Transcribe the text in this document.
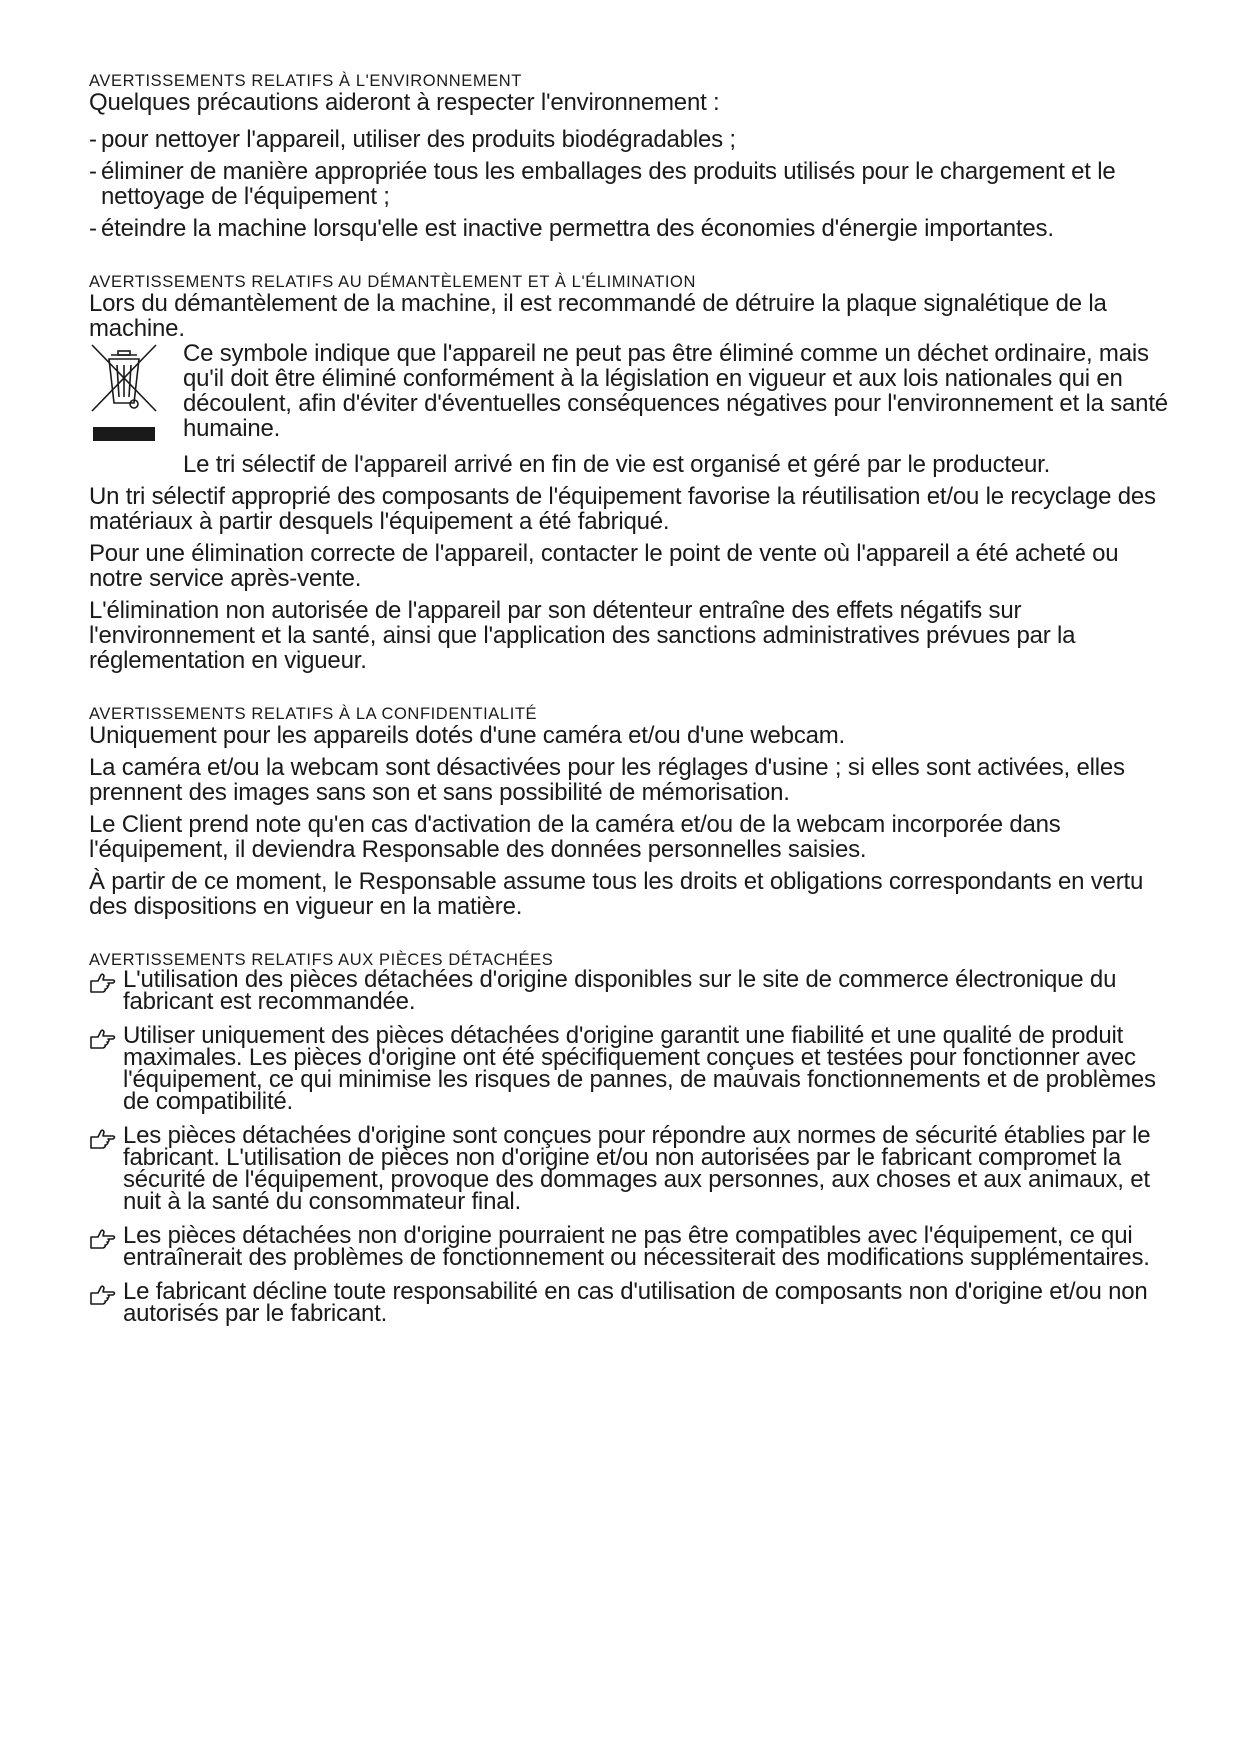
AVERTISSEMENTS RELATIFS À L'ENVIRONNEMENT

Quelques précautions aideront à respecter l'environnement :

- pour nettoyer l'appareil, utiliser des produits biodégradables ;
- éliminer de manière appropriée tous les emballages des produits utilisés pour le chargement et le nettoyage de l'équipement ;
- éteindre la machine lorsqu'elle est inactive permettra des économies d'énergie importantes.
AVERTISSEMENTS RELATIFS AU DÉMANTÈLEMENT ET À L'ÉLIMINATION

Lors du démantèlement de la machine, il est recommandé de détruire la plaque signalétique de la machine.

Ce symbole indique que l'appareil ne peut pas être éliminé comme un déchet ordinaire, mais qu'il doit être éliminé conformément à la législation en vigueur et aux lois nationales qui en découlent, afin d'éviter d'éventuelles conséquences négatives pour l'environnement et la santé humaine.

Le tri sélectif de l'appareil arrivé en fin de vie est organisé et géré par le producteur.

Un tri sélectif approprié des composants de l'équipement favorise la réutilisation et/ou le recyclage des matériaux à partir desquels l'équipement a été fabriqué.

Pour une élimination correcte de l'appareil, contacter le point de vente où l'appareil a été acheté ou notre service après-vente.

L'élimination non autorisée de l'appareil par son détenteur entraîne des effets négatifs sur l'environnement et la santé, ainsi que l'application des sanctions administratives prévues par la réglementation en vigueur.

AVERTISSEMENTS RELATIFS À LA CONFIDENTIALITÉ

Uniquement pour les appareils dotés d'une caméra et/ou d'une webcam.

La caméra et/ou la webcam sont désactivées pour les réglages d'usine ; si elles sont activées, elles prennent des images sans son et sans possibilité de mémorisation.

Le Client prend note qu'en cas d'activation de la caméra et/ou de la webcam incorporée dans l'équipement, il deviendra Responsable des données personnelles saisies.

À partir de ce moment, le Responsable assume tous les droits et obligations correspondants en vertu des dispositions en vigueur en la matière.

AVERTISSEMENTS RELATIFS AUX PIÈCES DÉTACHÉES
L'utilisation des pièces détachées d'origine disponibles sur le site de commerce électronique du fabricant est recommandée.
Utiliser uniquement des pièces détachées d'origine garantit une fiabilité et une qualité de produit maximales. Les pièces d'origine ont été spécifiquement conçues et testées pour fonctionner avec l'équipement, ce qui minimise les risques de pannes, de mauvais fonctionnements et de problèmes de compatibilité.
Les pièces détachées d'origine sont conçues pour répondre aux normes de sécurité établies par le fabricant. L'utilisation de pièces non d'origine et/ou non autorisées par le fabricant compromet la sécurité de l'équipement, provoque des dommages aux personnes, aux choses et aux animaux, et nuit à la santé du consommateur final.
Les pièces détachées non d'origine pourraient ne pas être compatibles avec l'équipement, ce qui entraînerait des problèmes de fonctionnement ou nécessiterait des modifications supplémentaires.
Le fabricant décline toute responsabilité en cas d'utilisation de composants non d'origine et/ou non autorisés par le fabricant.
